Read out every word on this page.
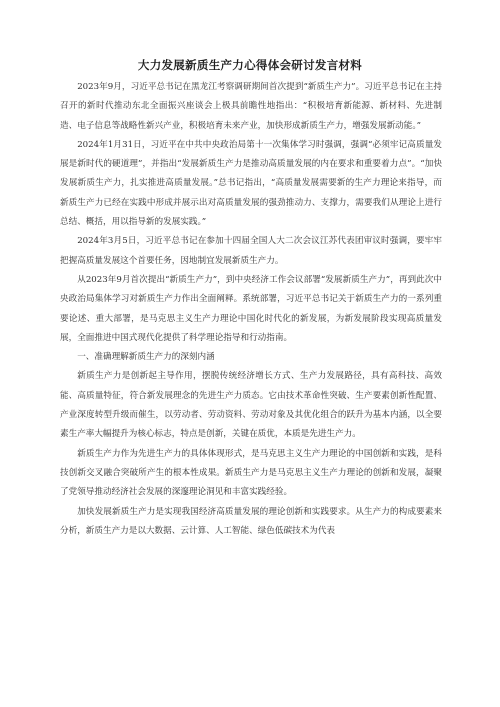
大力发展新质生产力心得体会研讨发言材料

2023年9月，习近平总书记在黑龙江考察调研期间首次提到“新质生产力”。习近平总书记在主持召开的新时代推动东北全面振兴座谈会上极具前瞻性地指出：“积极培育新能源、新材料、先进制造、电子信息等战略性新兴产业，积极培育未来产业，加快形成新质生产力，增强发展新动能。”

2024年1月31日，习近平在中共中央政治局第十一次集体学习时强调，强调“必须牢记高质量发展是新时代的硬道理”，并指出“发展新质生产力是推动高质量发展的内在要求和重要着力点”。“加快发展新质生产力，扎实推进高质量发展。”总书记指出，“高质量发展需要新的生产力理论来指导，而新质生产力已经在实践中形成并展示出对高质量发展的强劲推动力、支撑力，需要我们从理论上进行总结、概括，用以指导新的发展实践。”

2024年3月5日，习近平总书记在参加十四届全国人大二次会议江苏代表团审议时强调，要牢牢把握高质量发展这个首要任务，因地制宜发展新质生产力。

从2023年9月首次提出“新质生产力”，到中央经济工作会议部署“发展新质生产力”，再到此次中央政治局集体学习对新质生产力作出全面阐释。系统部署，习近平总书记关于新质生产力的一系列重要论述、重大部署，是马克思主义生产力理论中国化时代化的新发展，为新发展阶段实现高质量发展，全面推进中国式现代化提供了科学理论指导和行动指南。

一、准确理解新质生产力的深刻内涵

新质生产力是创新起主导作用，摆脱传统经济增长方式、生产力发展路径，具有高科技、高效能、高质量特征，符合新发展理念的先进生产力质态。它由技术革命性突破、生产要素创新性配置、产业深度转型升级而催生，以劳动者、劳动资料、劳动对象及其优化组合的跃升为基本内涵，以全要素生产率大幅提升为核心标志，特点是创新，关键在质优，本质是先进生产力。

新质生产力作为先进生产力的具体体现形式，是马克思主义生产力理论的中国创新和实践，是科技创新交叉融合突破所产生的根本性成果。新质生产力是马克思主义生产力理论的创新和发展，凝聚了党领导推动经济社会发展的深邃理论洞见和丰富实践经验。

加快发展新质生产力是实现我国经济高质量发展的理论创新和实践要求。从生产力的构成要素来分析，新质生产力是以大数据、云计算、人工智能、绿色低碳技术为代表
